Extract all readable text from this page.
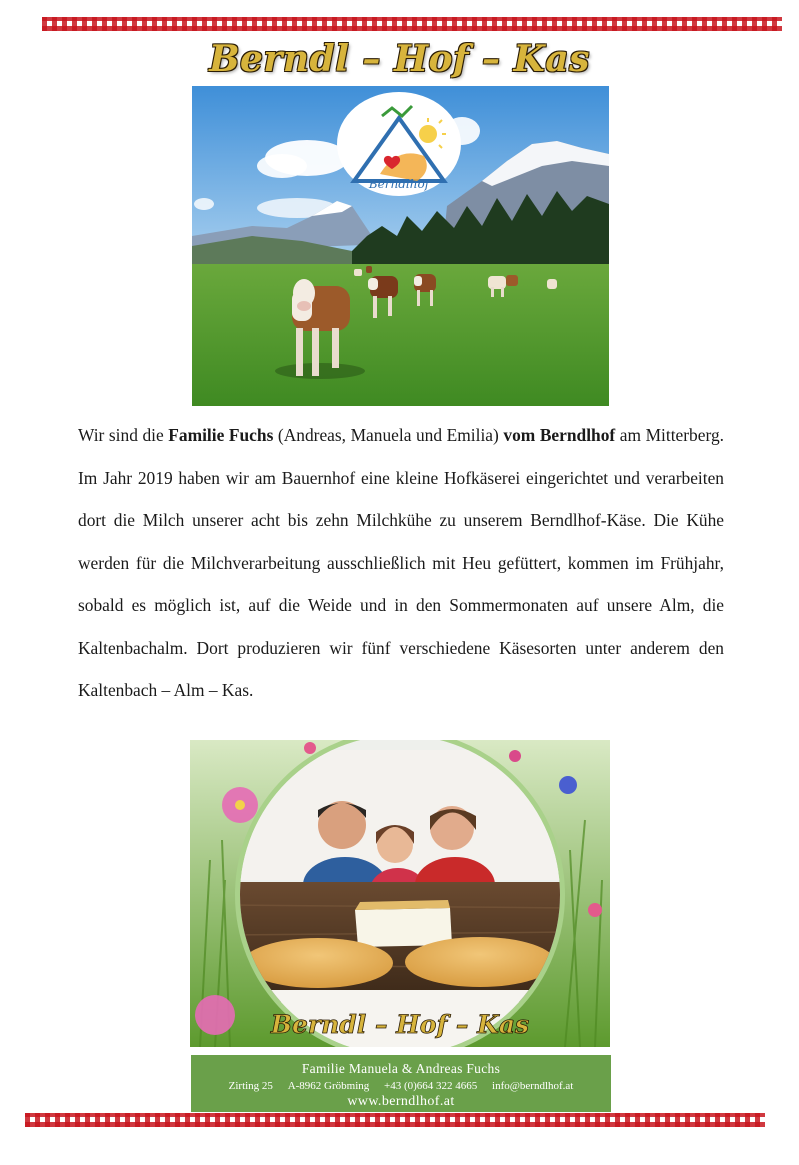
Berndl – Hof – Kas
Berndlhof

Wir sind die Familie Fuchs (Andreas, Manuela und Emilia) vom Berndlhof am Mitterberg. Im Jahr 2019 haben wir am Bauernhof eine kleine Hofkäserei eingerichtet und verarbeiten dort die Milch unserer acht bis zehn Milchkühe zu unserem Berndlhof-Käse. Die Kühe werden für die Milchverarbeitung ausschließlich mit Heu gefüttert, kommen im Frühjahr, sobald es möglich ist, auf die Weide und in den Sommermonaten auf unsere Alm, die Kaltenbachalm. Dort produzieren wir fünf verschiedene Käsesorten unter anderem den Kaltenbach – Alm – Kas.

Berndl – Hof – Kas
Familie Manuela & Andreas Fuchs
Zirting 25 A-8962 Gröbming +43 (0)664 322 4665 info@berndlhof.at
www.berndlhof.at
